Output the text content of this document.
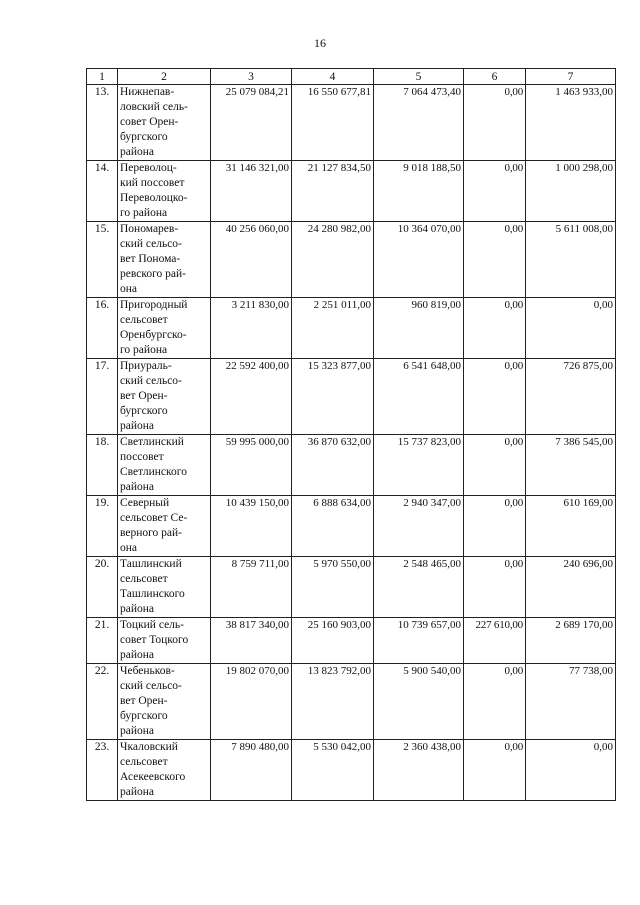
16
1	2	3	4	5	6	7
13.	Нижнепав-
ловский сель-
совет Орен-
бургского
района	25 079 084,21	16 550 677,81	7 064 473,40	0,00	1 463 933,00
14.	Переволоц-
кий поссовет
Переволоцко-
го района	31 146 321,00	21 127 834,50	9 018 188,50	0,00	1 000 298,00
15.	Пономарев-
ский сельсо-
вет Понома-
ревского рай-
она	40 256 060,00	24 280 982,00	10 364 070,00	0,00	5 611 008,00
16.	Пригородный
сельсовет
Оренбургско-
го района	3 211 830,00	2 251 011,00	960 819,00	0,00	0,00
17.	Приураль-
ский сельсо-
вет Орен-
бургского
района	22 592 400,00	15 323 877,00	6 541 648,00	0,00	726 875,00
18.	Светлинский
поссовет
Светлинского
района	59 995 000,00	36 870 632,00	15 737 823,00	0,00	7 386 545,00
19.	Северный
сельсовет Се-
верного рай-
она	10 439 150,00	6 888 634,00	2 940 347,00	0,00	610 169,00
20.	Ташлинский
сельсовет
Ташлинского
района	8 759 711,00	5 970 550,00	2 548 465,00	0,00	240 696,00
21.	Тоцкий сель-
совет Тоцкого
района	38 817 340,00	25 160 903,00	10 739 657,00	227 610,00	2 689 170,00
22.	Чебеньков-
ский сельсо-
вет Орен-
бургского
района	19 802 070,00	13 823 792,00	5 900 540,00	0,00	77 738,00
23.	Чкаловский
сельсовет
Асекеевского
района	7 890 480,00	5 530 042,00	2 360 438,00	0,00	0,00
